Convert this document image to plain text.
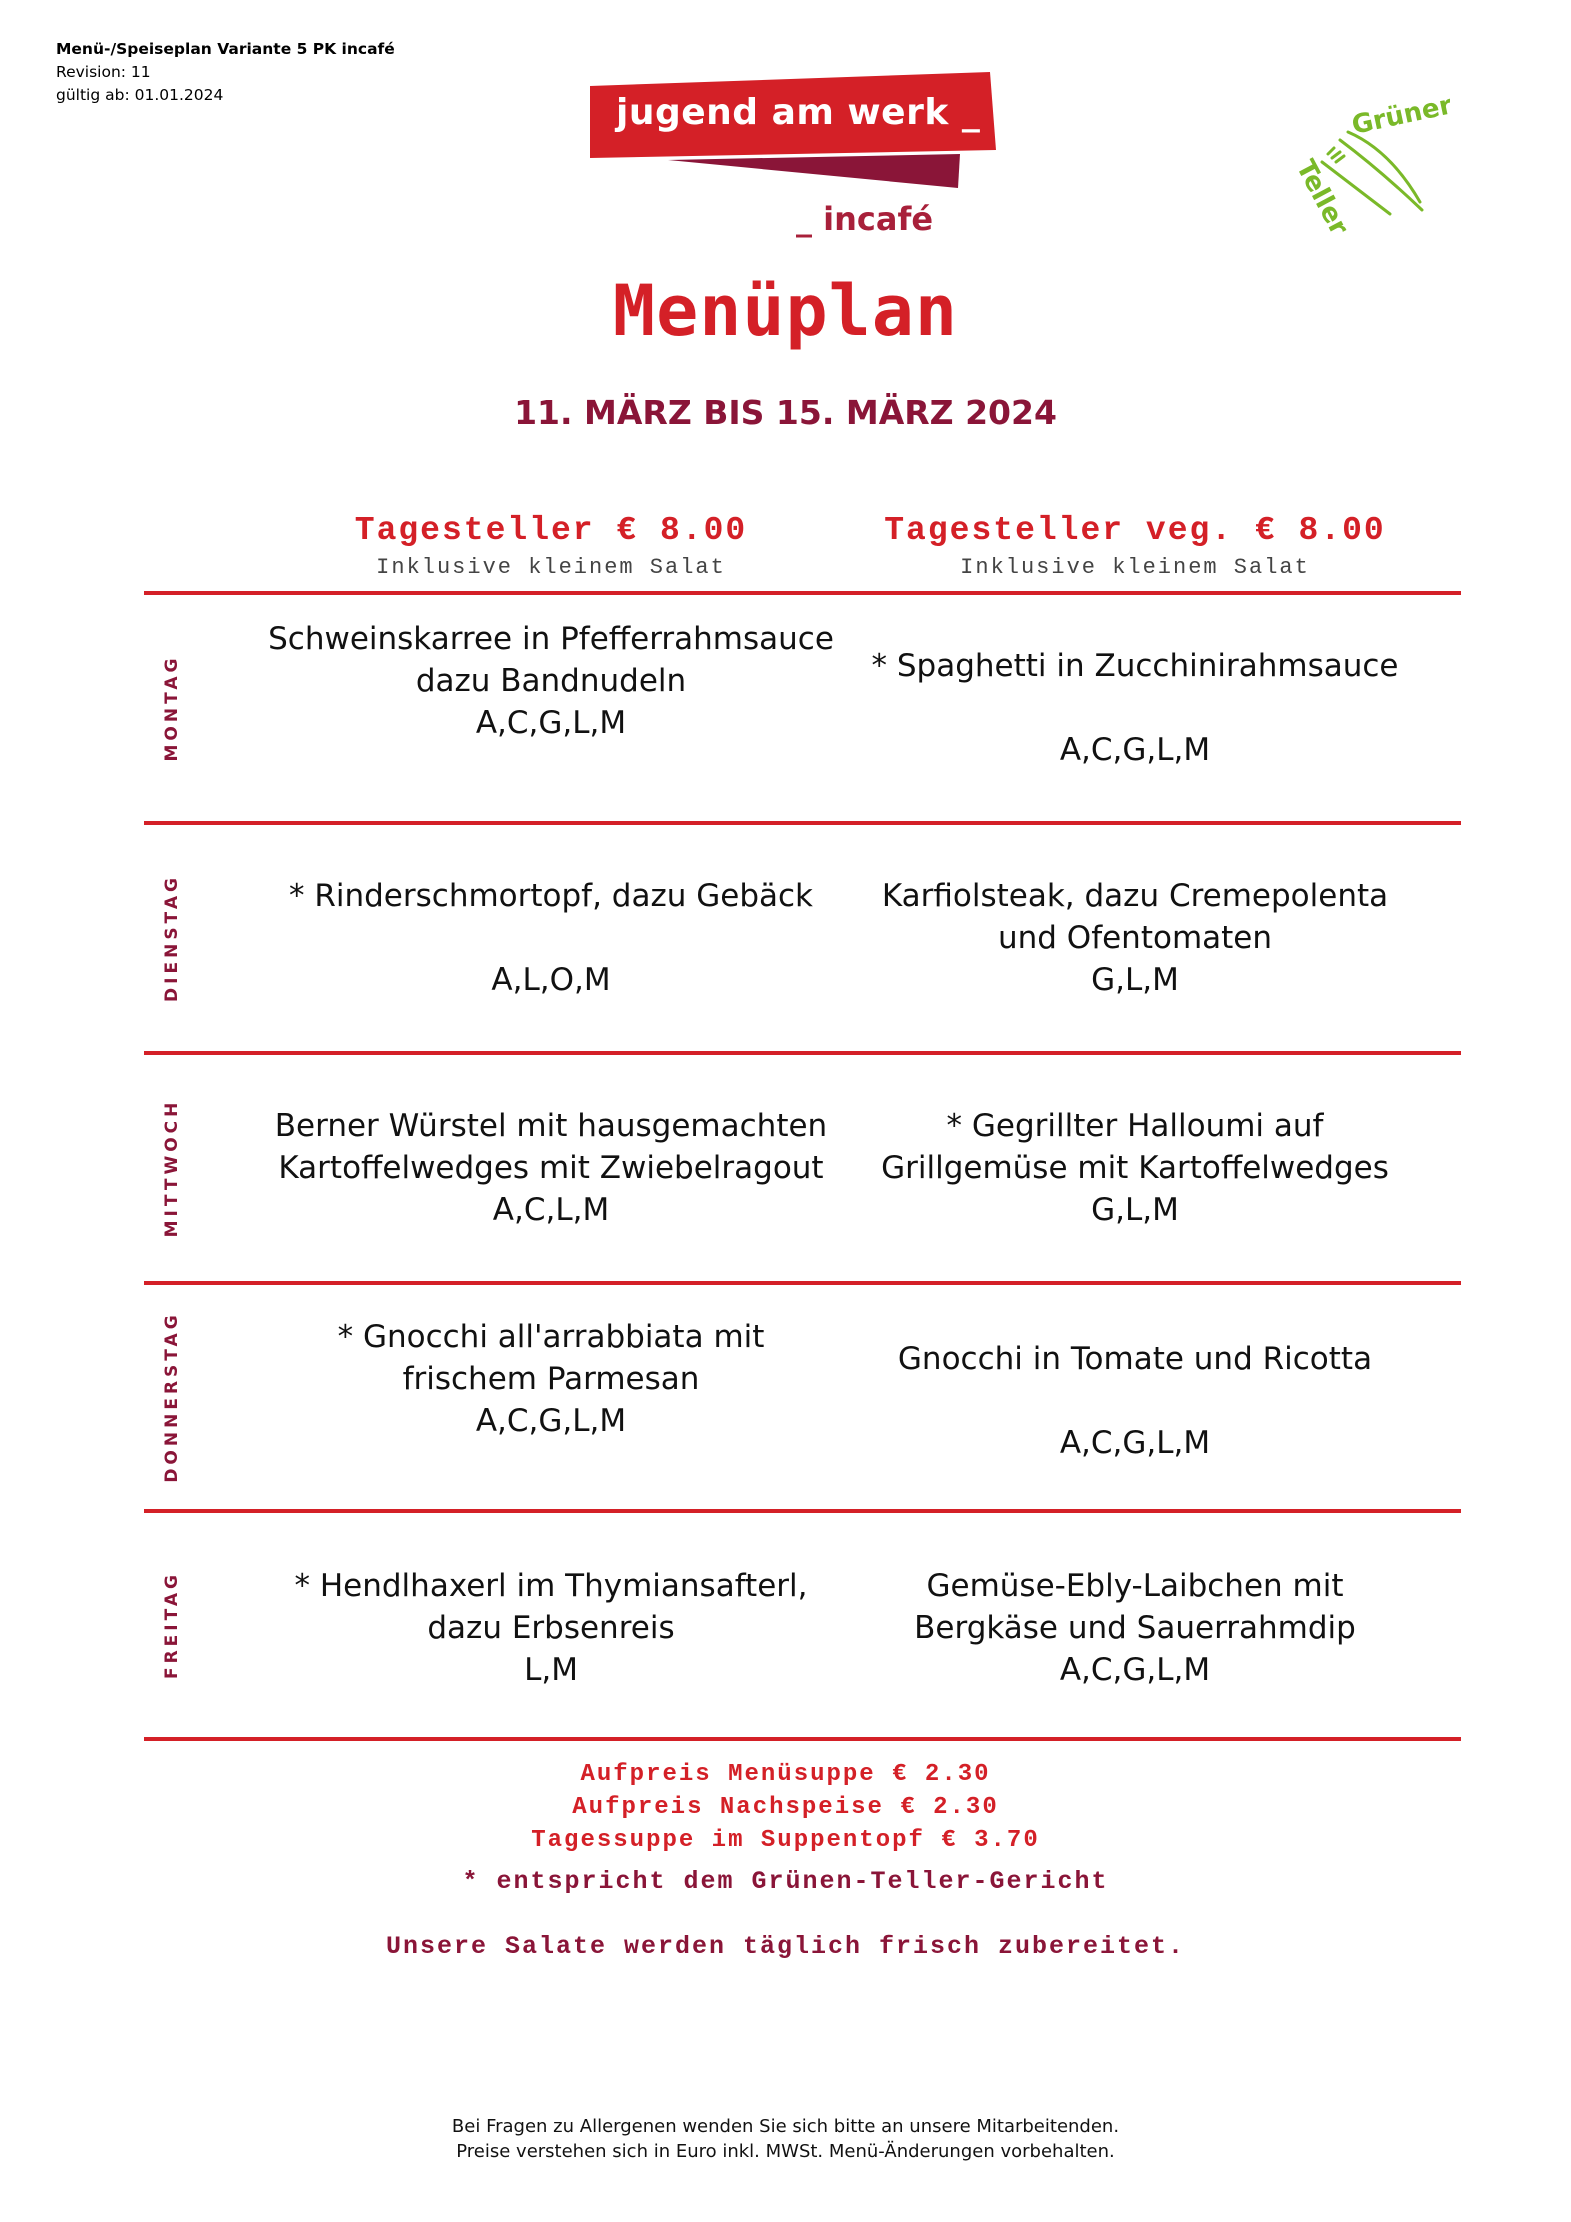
Menü-/Speiseplan Variante 5 PK incafé
Revision: 11
gültig ab: 01.01.2024	jugend am werk _
_ incafé
Grüner
Teller
Menüplan
11. MÄRZ BIS 15. MÄRZ 2024
Tagesteller € 8.00
Inklusive kleinem Salat
Tagesteller veg. € 8.00
Inklusive kleinem Salat
MONTAG
DIENSTAG
MITTWOCH
DONNERSTAG
FREITAG
Schweinskarree in Pfefferrahmsauce
dazu Bandnudeln
A,C,G,L,M
* Spaghetti in Zucchinirahmsauce
A,C,G,L,M
* Rinderschmortopf, dazu Gebäck
A,L,O,M
Karfiolsteak, dazu Cremepolenta
und Ofentomaten
G,L,M
Berner Würstel mit hausgemachten
Kartoffelwedges mit Zwiebelragout
A,C,L,M
* Gegrillter Halloumi auf
Grillgemüse mit Kartoffelwedges
G,L,M
* Gnocchi all'arrabbiata mit
frischem Parmesan
A,C,G,L,M
Gnocchi in Tomate und Ricotta
A,C,G,L,M
* Hendlhaxerl im Thymiansafterl,
dazu Erbsenreis
L,M
Gemüse-Ebly-Laibchen mit
Bergkäse und Sauerrahmdip
A,C,G,L,M
Aufpreis Menüsuppe € 2.30
Aufpreis Nachspeise € 2.30
Tagessuppe im Suppentopf € 3.70
* entspricht dem Grünen-Teller-Gericht
Unsere Salate werden täglich frisch zubereitet.
Bei Fragen zu Allergenen wenden Sie sich bitte an unsere Mitarbeitenden.
Preise verstehen sich in Euro inkl. MWSt. Menü-Änderungen vorbehalten.
